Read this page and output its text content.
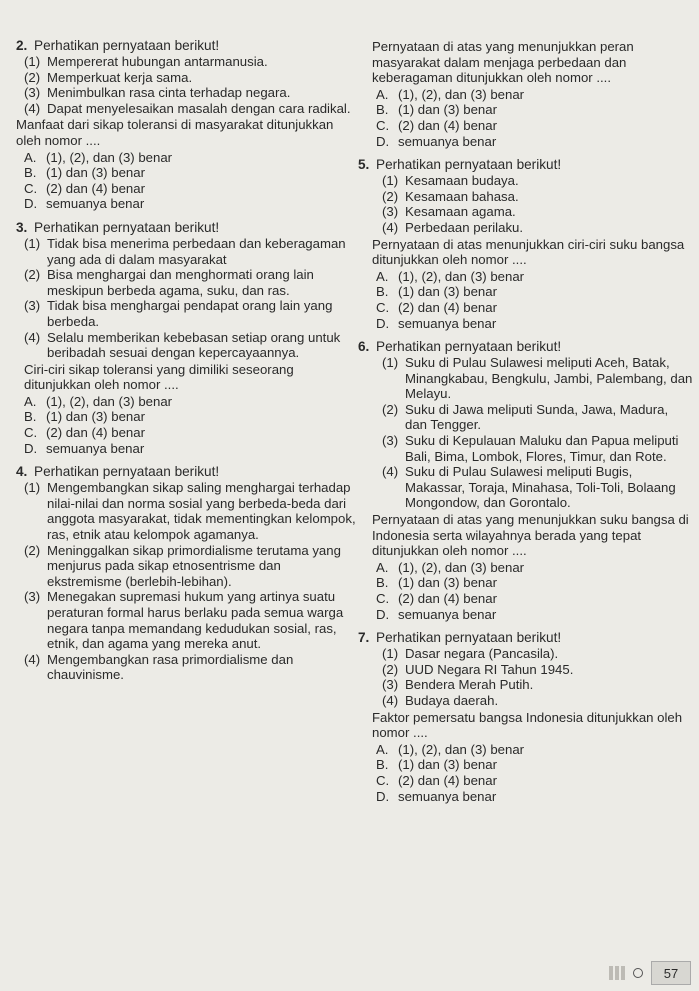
2. Perhatikan pernyataan berikut!
(1) Mempererat hubungan antarmanusia.
(2) Memperkuat kerja sama.
(3) Menimbulkan rasa cinta terhadap negara.
(4) Dapat menyelesaikan masalah dengan cara radikal.
Manfaat dari sikap toleransi di masyarakat ditunjukkan oleh nomor ....
A. (1), (2), dan (3) benar
B. (1) dan (3) benar
C. (2) dan (4) benar
D. semuanya benar
3. Perhatikan pernyataan berikut!
(1) Tidak bisa menerima perbedaan dan keberagaman yang ada di dalam masyarakat
(2) Bisa menghargai dan menghormati orang lain meskipun berbeda agama, suku, dan ras.
(3) Tidak bisa menghargai pendapat orang lain yang berbeda.
(4) Selalu memberikan kebebasan setiap orang untuk beribadah sesuai dengan kepercayaannya.
Ciri-ciri sikap toleransi yang dimiliki seseorang ditunjukkan oleh nomor ....
A. (1), (2), dan (3) benar
B. (1) dan (3) benar
C. (2) dan (4) benar
D. semuanya benar
4. Perhatikan pernyataan berikut!
(1) Mengembangkan sikap saling menghargai terhadap nilai-nilai dan norma sosial yang berbeda-beda dari anggota masyarakat, tidak mementingkan kelompok, ras, etnik atau kelompok agamanya.
(2) Meninggalkan sikap primordialisme terutama yang menjurus pada sikap etnosentrisme dan ekstremisme (berlebih-lebihan).
(3) Menegakan supremasi hukum yang artinya suatu peraturan formal harus berlaku pada semua warga negara tanpa memandang kedudukan sosial, ras, etnik, dan agama yang mereka anut.
(4) Mengembangkan rasa primordialisme dan chauvinisme.
Pernyataan di atas yang menunjukkan peran masyarakat dalam menjaga perbedaan dan keberagaman ditunjukkan oleh nomor ....
A. (1), (2), dan (3) benar
B. (1) dan (3) benar
C. (2) dan (4) benar
D. semuanya benar
5. Perhatikan pernyataan berikut!
(1) Kesamaan budaya.
(2) Kesamaan bahasa.
(3) Kesamaan agama.
(4) Perbedaan perilaku.
Pernyataan di atas menunjukkan ciri-ciri suku bangsa ditunjukkan oleh nomor ....
A. (1), (2), dan (3) benar
B. (1) dan (3) benar
C. (2) dan (4) benar
D. semuanya benar
6. Perhatikan pernyataan berikut!
(1) Suku di Pulau Sulawesi meliputi Aceh, Batak, Minangkabau, Bengkulu, Jambi, Palembang, dan Melayu.
(2) Suku di Jawa meliputi Sunda, Jawa, Madura, dan Tengger.
(3) Suku di Kepulauan Maluku dan Papua meliputi Bali, Bima, Lombok, Flores, Timur, dan Rote.
(4) Suku di Pulau Sulawesi meliputi Bugis, Makassar, Toraja, Minahasa, Toli-Toli, Bolaang Mongondow, dan Gorontalo.
Pernyataan di atas yang menunjukkan suku bangsa di Indonesia serta wilayahnya berada yang tepat ditunjukkan oleh nomor ....
A. (1), (2), dan (3) benar
B. (1) dan (3) benar
C. (2) dan (4) benar
D. semuanya benar
7. Perhatikan pernyataan berikut!
(1) Dasar negara (Pancasila).
(2) UUD Negara RI Tahun 1945.
(3) Bendera Merah Putih.
(4) Budaya daerah.
Faktor pemersatu bangsa Indonesia ditunjukkan oleh nomor ....
A. (1), (2), dan (3) benar
B. (1) dan (3) benar
C. (2) dan (4) benar
D. semuanya benar
57
